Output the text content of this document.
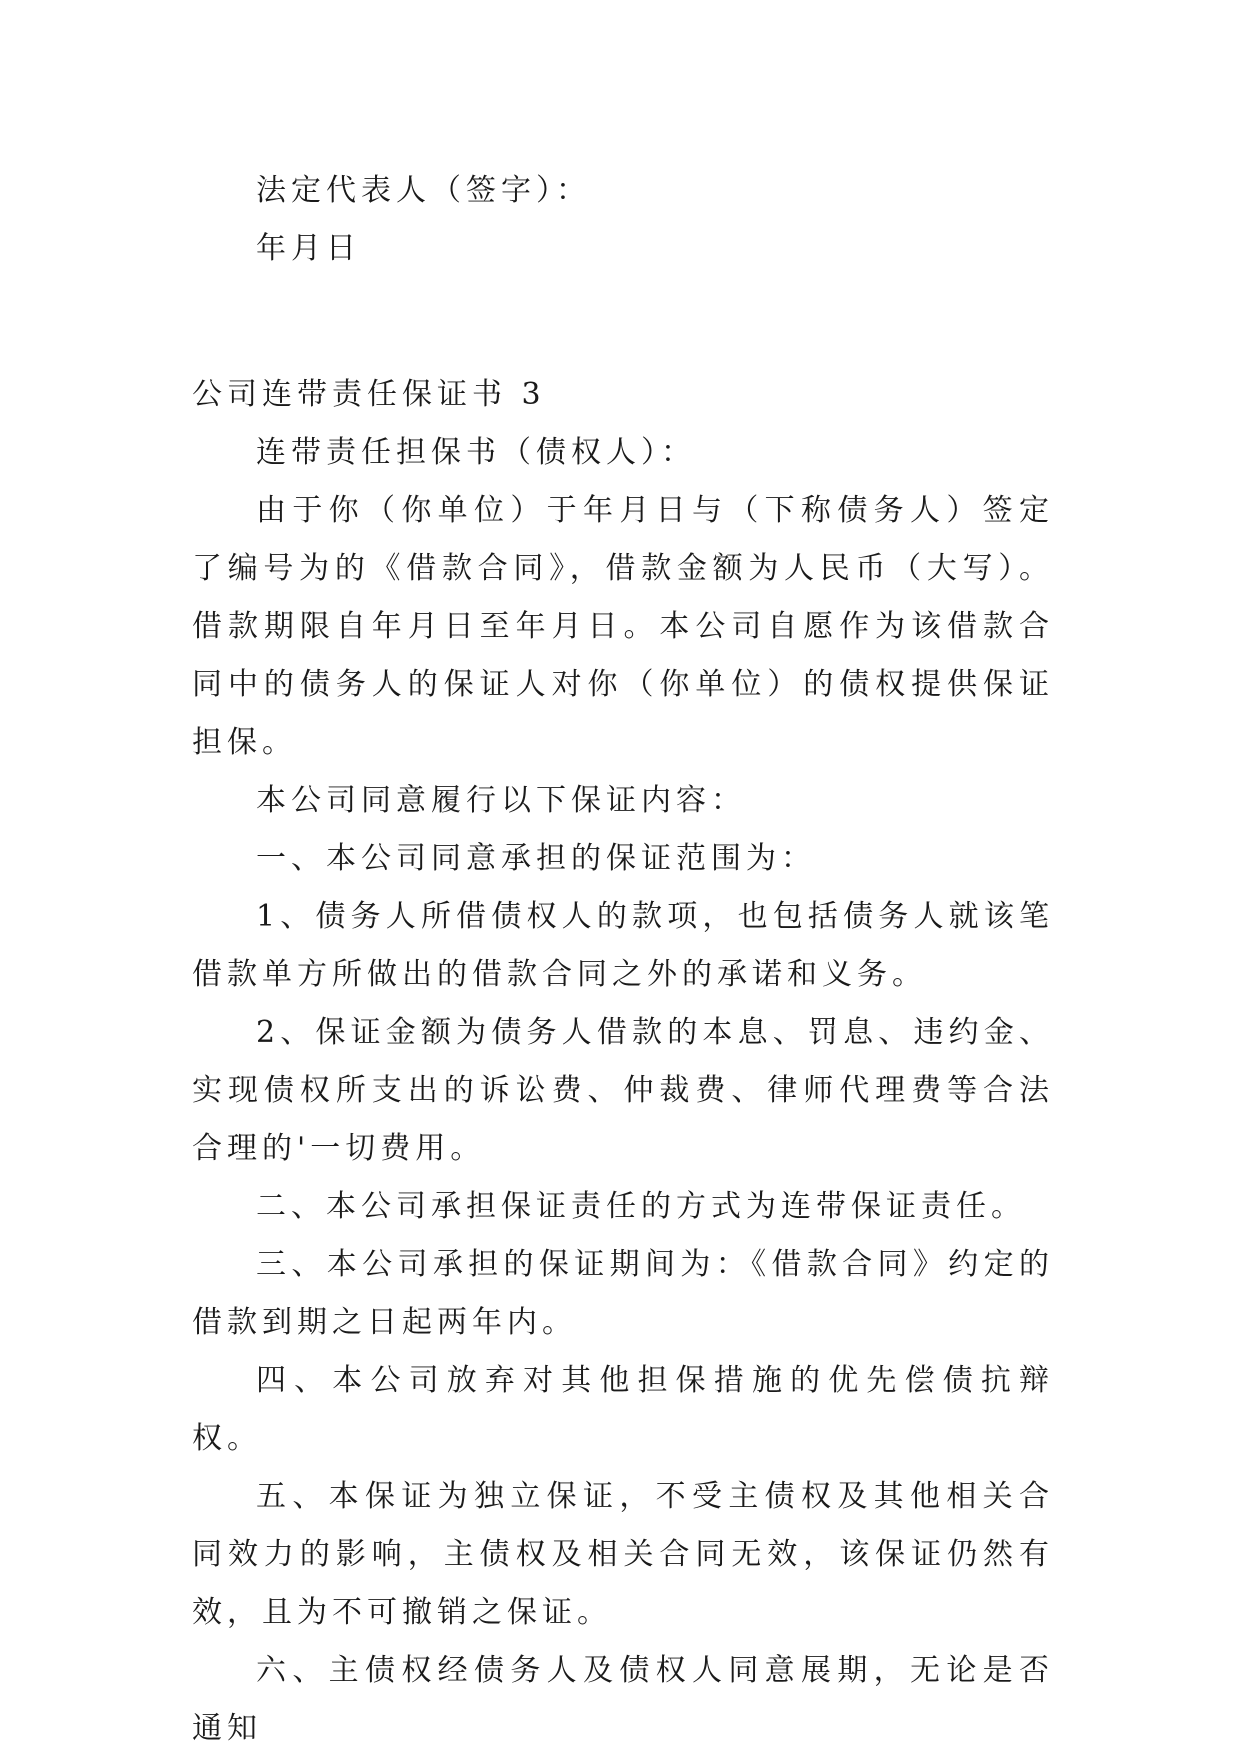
法定代表人（签字）：

年月日

公司连带责任保证书 3

连带责任担保书（债权人）：

由于你（你单位）于年月日与（下称债务人）签定了编号为的《借款合同》，借款金额为人民币（大写）。借款期限自年月日至年月日。本公司自愿作为该借款合同中的债务人的保证人对你（你单位）的债权提供保证担保。

本公司同意履行以下保证内容：

一、本公司同意承担的保证范围为：

1、债务人所借债权人的款项，也包括债务人就该笔借款单方所做出的借款合同之外的承诺和义务。

2、保证金额为债务人借款的本息、罚息、违约金、实现债权所支出的诉讼费、仲裁费、律师代理费等合法合理的'一切费用。

二、本公司承担保证责任的方式为连带保证责任。

三、本公司承担的保证期间为：《借款合同》约定的借款到期之日起两年内。

四、本公司放弃对其他担保措施的优先偿债抗辩权。

五、本保证为独立保证，不受主债权及其他相关合同效力的影响，主债权及相关合同无效，该保证仍然有效，且为不可撤销之保证。

六、主债权经债务人及债权人同意展期，无论是否通知
